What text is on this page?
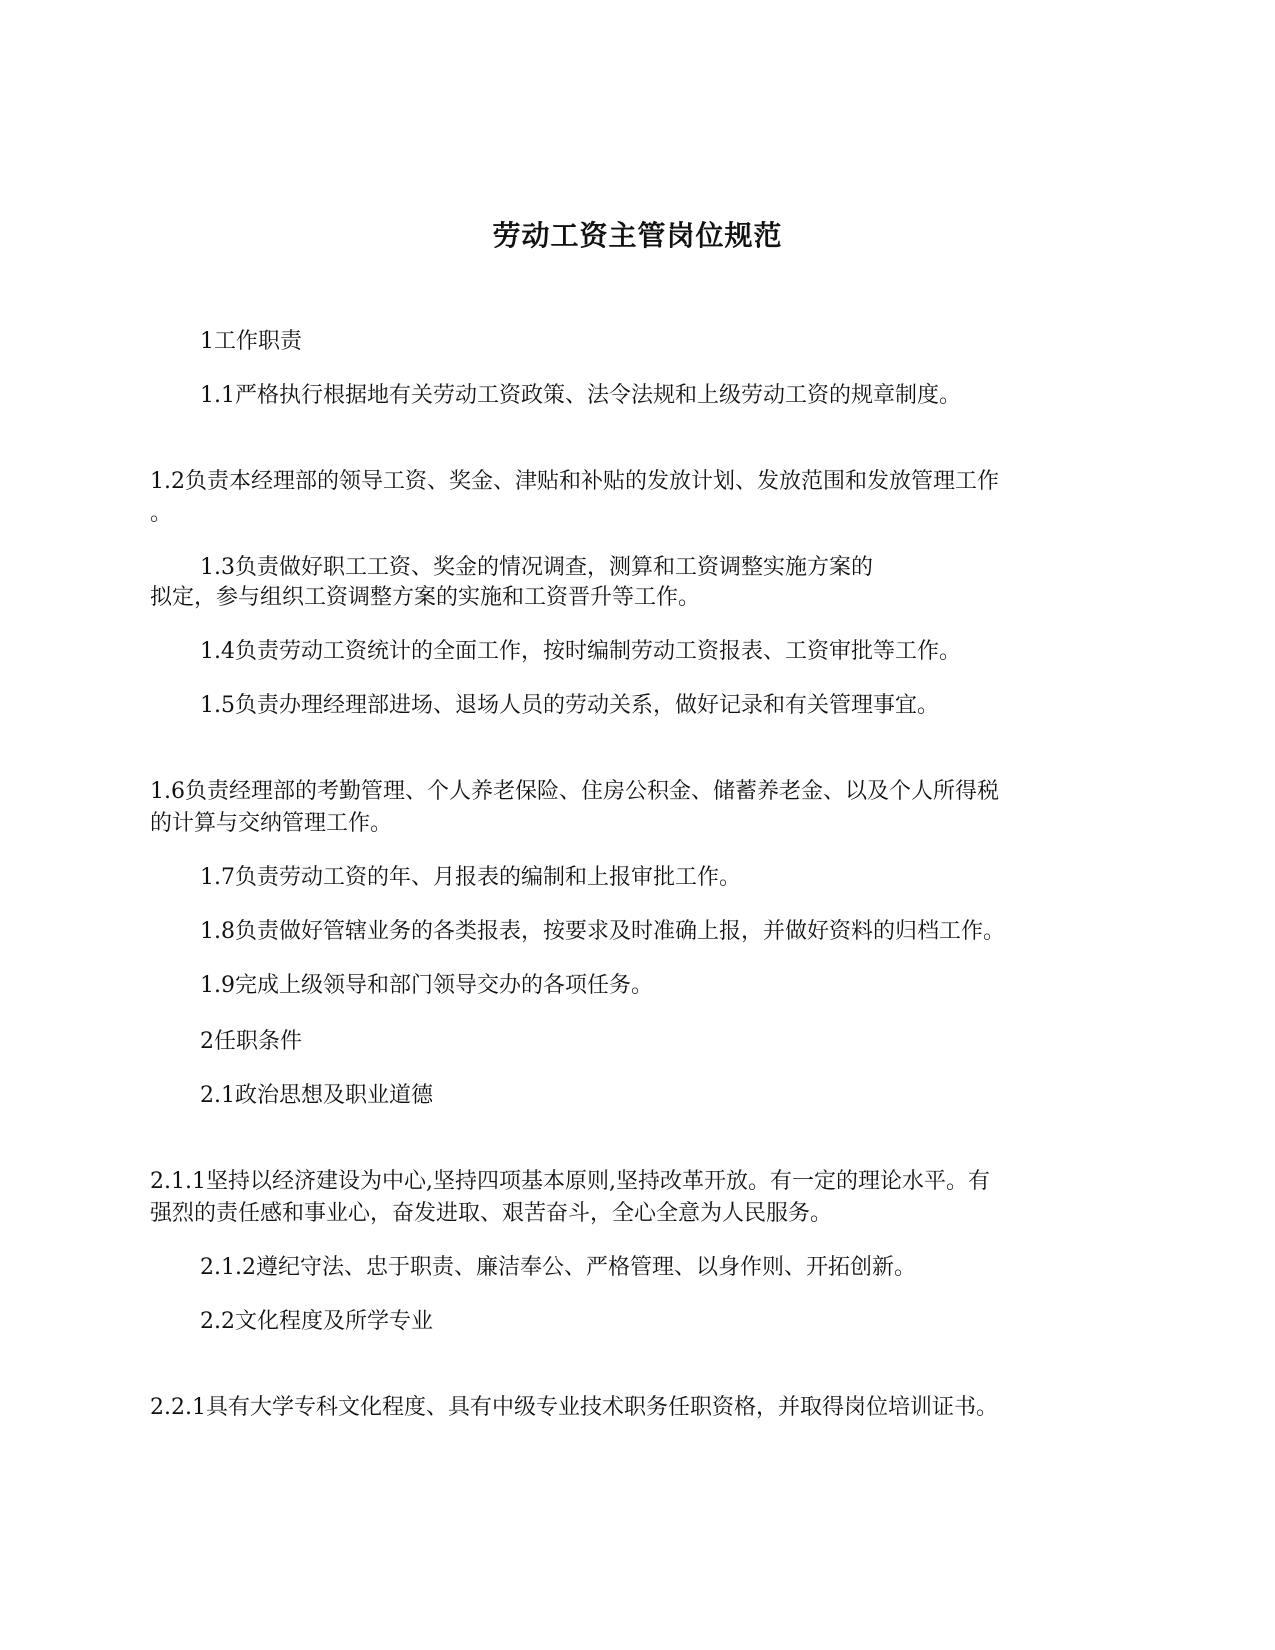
劳动工资主管岗位规范
1工作职责
1.1严格执行根据地有关劳动工资政策、法令法规和上级劳动工资的规章制度。
1.2负责本经理部的领导工资、奖金、津贴和补贴的发放计划、发放范围和发放管理工作
。
1.3负责做好职工工资、奖金的情况调查，测算和工资调整实施方案的
拟定，参与组织工资调整方案的实施和工资晋升等工作。
1.4负责劳动工资统计的全面工作，按时编制劳动工资报表、工资审批等工作。
1.5负责办理经理部进场、退场人员的劳动关系，做好记录和有关管理事宜。
1.6负责经理部的考勤管理、个人养老保险、住房公积金、储蓄养老金、以及个人所得税
的计算与交纳管理工作。
1.7负责劳动工资的年、月报表的编制和上报审批工作。
1.8负责做好管辖业务的各类报表，按要求及时准确上报，并做好资料的归档工作。
1.9完成上级领导和部门领导交办的各项任务。
2任职条件
2.1政治思想及职业道德
2.1.1坚持以经济建设为中心,坚持四项基本原则,坚持改革开放。有一定的理论水平。有
强烈的责任感和事业心，奋发进取、艰苦奋斗，全心全意为人民服务。
2.1.2遵纪守法、忠于职责、廉洁奉公、严格管理、以身作则、开拓创新。
2.2文化程度及所学专业
2.2.1具有大学专科文化程度、具有中级专业技术职务任职资格，并取得岗位培训证书。
